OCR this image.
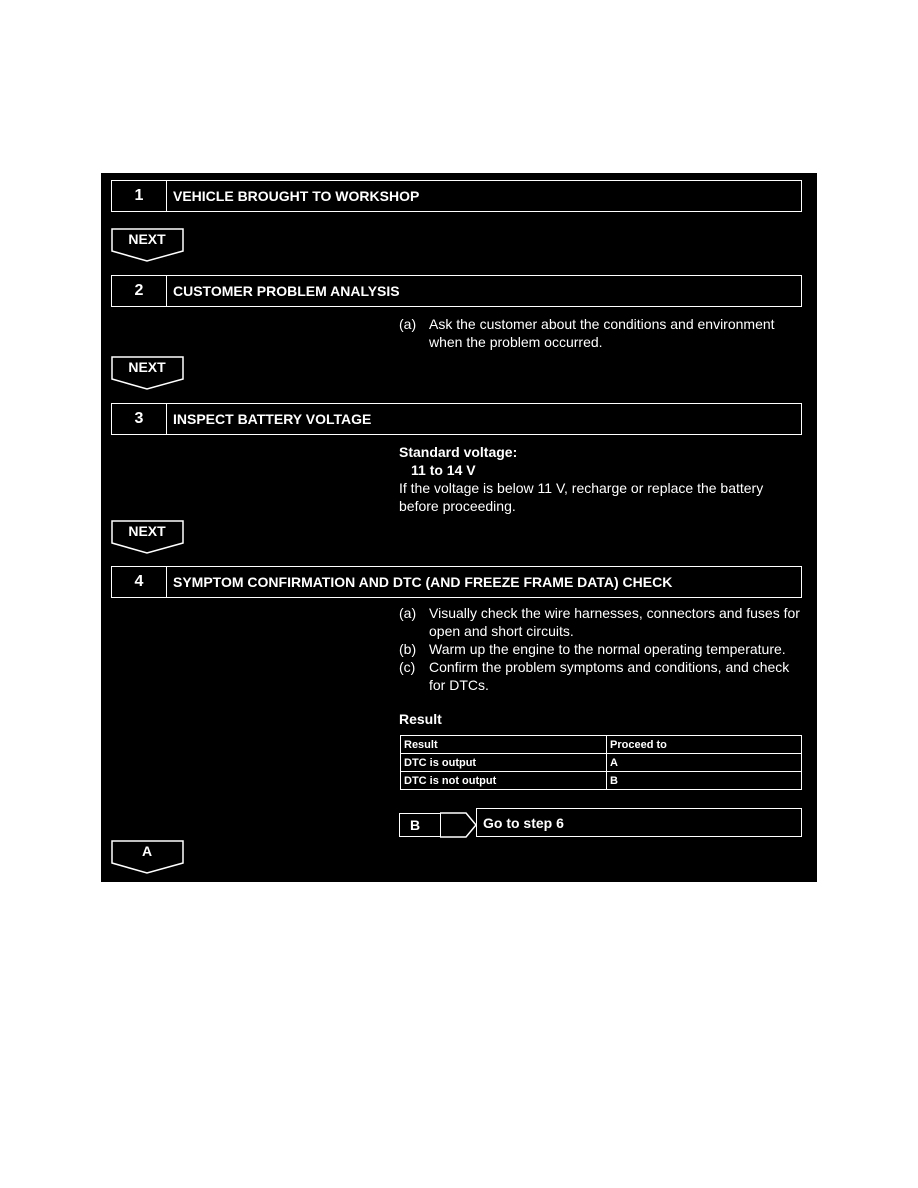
1	VEHICLE BROUGHT TO WORKSHOP
NEXT
2	CUSTOMER PROBLEM ANALYSIS
(a) Ask the customer about the conditions and environment when the problem occurred.
NEXT
3	INSPECT BATTERY VOLTAGE
Standard voltage:
11 to 14 V
If the voltage is below 11 V, recharge or replace the battery before proceeding.
NEXT
4	SYMPTOM CONFIRMATION AND DTC (AND FREEZE FRAME DATA) CHECK
(a) Visually check the wire harnesses, connectors and fuses for open and short circuits.
(b) Warm up the engine to the normal operating temperature.
(c) Confirm the problem symptoms and conditions, and check for DTCs.
Result
Result	Proceed to
DTC is output	A
DTC is not output	B
B	Go to step 6
A
